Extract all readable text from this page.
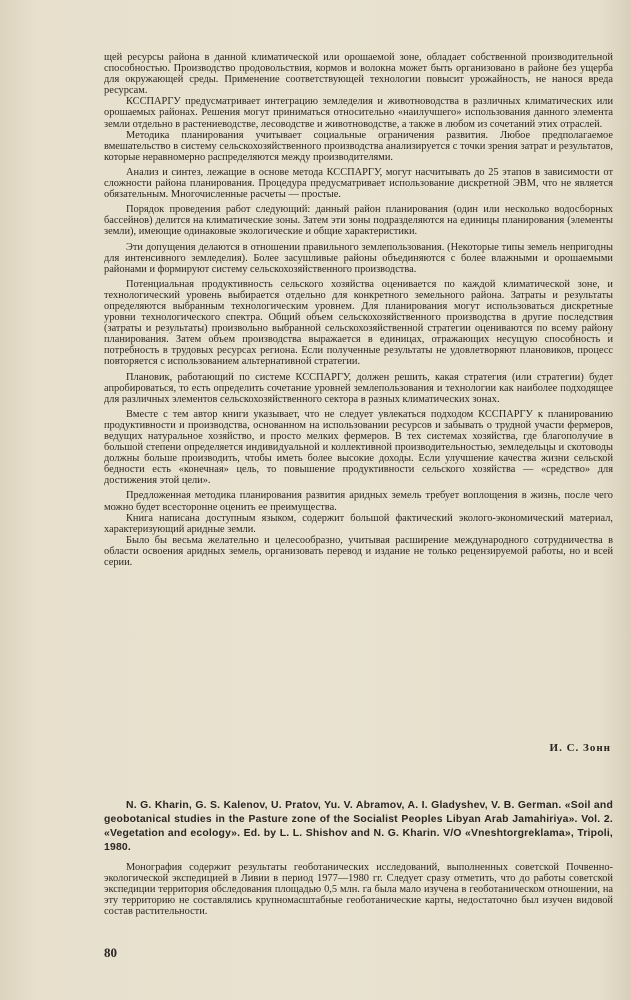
щей ресурсы района в данной климатической или орошаемой зоне, обладает собственной производительной способностью. Производство продовольствия, кормов и волокна может быть организовано в районе без ущерба для окружающей среды. Применение соответствующей технологии повысит урожайность, не нанося вреда ресурсам.

КССПАРГУ предусматривает интеграцию земледелия и животноводства в различных климатических или орошаемых районах. Решения могут приниматься относительно «наилучшего» использования данного элемента земли отдельно в растениеводстве, лесоводстве и животноводстве, а также в любом из сочетаний этих отраслей.

Методика планирования учитывает социальные ограничения развития. Любое предполагаемое вмешательство в систему сельскохозяйственного производства анализируется с точки зрения затрат и результатов, которые неравномерно распределяются между производителями.

Анализ и синтез, лежащие в основе метода КССПАРГУ, могут насчитывать до 25 этапов в зависимости от сложности района планирования. Процедура предусматривает использование дискретной ЭВМ, что не является обязательным. Многочисленные расчеты — простые.

Порядок проведения работ следующий: данный район планирования (один или несколько водосборных бассейнов) делится на климатические зоны. Затем эти зоны подразделяются на единицы планирования (элементы земли), имеющие одинаковые экологические и общие характеристики.

Эти допущения делаются в отношении правильного землепользования. (Некоторые типы земель непригодны для интенсивного земледелия). Более засушливые районы объединяются с более влажными и орошаемыми районами и формируют систему сельскохозяйственного производства.

Потенциальная продуктивность сельского хозяйства оценивается по каждой климатической зоне, и технологический уровень выбирается отдельно для конкретного земельного района. Затраты и результаты определяются выбранным технологическим уровнем. Для планирования могут использоваться дискретные уровни технологического спектра. Общий объем сельскохозяйственного производства в другие последствия (затраты и результаты) произвольно выбранной сельскохозяйственной стратегии оцениваются по всему району планирования. Затем объем производства выражается в единицах, отражающих несущую способность и потребность в трудовых ресурсах региона. Если полученные результаты не удовлетворяют плановиков, процесс повторяется с использованием альтернативной стратегии.

Плановик, работающий по системе КССПАРГУ, должен решить, какая стратегия (или стратегии) будет апробироваться, то есть определить сочетание уровней землепользования и технологии как наиболее подходящее для различных элементов сельскохозяйственного сектора в разных климатических зонах.

Вместе с тем автор книги указывает, что не следует увлекаться подходом КССПАРГУ к планированию продуктивности и производства, основанном на использовании ресурсов и забывать о трудной участи фермеров, ведущих натуральное хозяйство, и просто мелких фермеров. В тех системах хозяйства, где благополучие в большой степени определяется индивидуальной и коллективной производительностью, земледельцы и скотоводы должны больше производить, чтобы иметь более высокие доходы. Если улучшение качества жизни сельской бедности есть «конечная» цель, то повышение продуктивности сельского хозяйства — «средство» для достижения этой цели».

Предложенная методика планирования развития аридных земель требует воплощения в жизнь, после чего можно будет всесторонне оценить ее преимущества.

Книга написана доступным языком, содержит большой фактический эколого-экономический материал, характеризующий аридные земли.

Было бы весьма желательно и целесообразно, учитывая расширение международного сотрудничества в области освоения аридных земель, организовать перевод и издание не только рецензируемой работы, но и всей серии.

И. С. Зонн
N. G. Kharin, G. S. Kalenov, U. Pratov, Yu. V. Abramov, A. I. Gladyshev, V. B. German. «Soil and geobotanical studies in the Pasture zone of the Socialist Peoples Libyan Arab Jamahiriya». Vol. 2. «Vegetation and ecology». Ed. by L. L. Shishov and N. G. Kharin. V/O «Vneshtorgreklama», Tripoli, 1980.

Монография содержит результаты геоботанических исследований, выполненных советской Почвенно-экологической экспедицией в Ливии в период 1977—1980 гг. Следует сразу отметить, что до работы советской экспедиции территория обследования площадью 0,5 млн. га была мало изучена в геоботаническом отношении, на эту территорию не составлялись крупномасштабные геоботанические карты, недостаточно был изучен видовой состав растительности.

80
